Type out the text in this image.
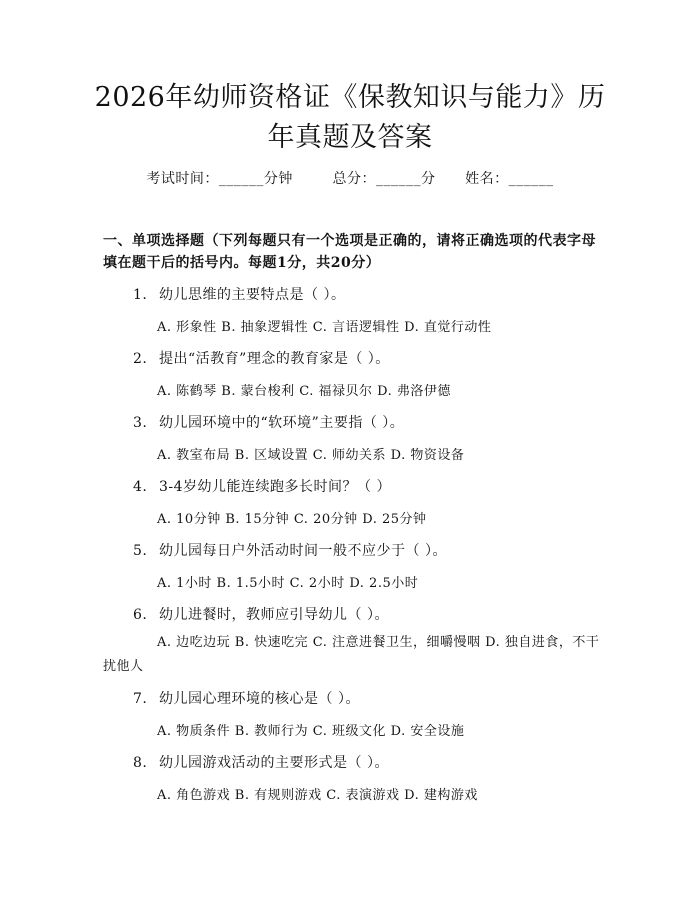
2026年幼师资格证《保教知识与能力》历年真题及答案
考试时间：______分钟	总分：______分 姓名：______
一、单项选择题（下列每题只有一个选项是正确的，请将正确选项的代表字母填在题干后的括号内。每题1分，共20分）
1. 幼儿思维的主要特点是（ ）。
A. 形象性 B. 抽象逻辑性 C. 言语逻辑性 D. 直觉行动性
2. 提出“活教育”理念的教育家是（ ）。
A. 陈鹤琴 B. 蒙台梭利 C. 福禄贝尔 D. 弗洛伊德
3. 幼儿园环境中的“软环境”主要指（ ）。
A. 教室布局 B. 区域设置 C. 师幼关系 D. 物资设备
4. 3-4岁幼儿能连续跑多长时间？（ ）
A. 10分钟 B. 15分钟 C. 20分钟 D. 25分钟
5. 幼儿园每日户外活动时间一般不应少于（ ）。
A. 1小时 B. 1.5小时 C. 2小时 D. 2.5小时
6. 幼儿进餐时，教师应引导幼儿（ ）。
A. 边吃边玩 B. 快速吃完 C. 注意进餐卫生，细嚼慢咽 D. 独自进食，不干扰他人
7. 幼儿园心理环境的核心是（ ）。
A. 物质条件 B. 教师行为 C. 班级文化 D. 安全设施
8. 幼儿园游戏活动的主要形式是（ ）。
A. 角色游戏 B. 有规则游戏 C. 表演游戏 D. 建构游戏
